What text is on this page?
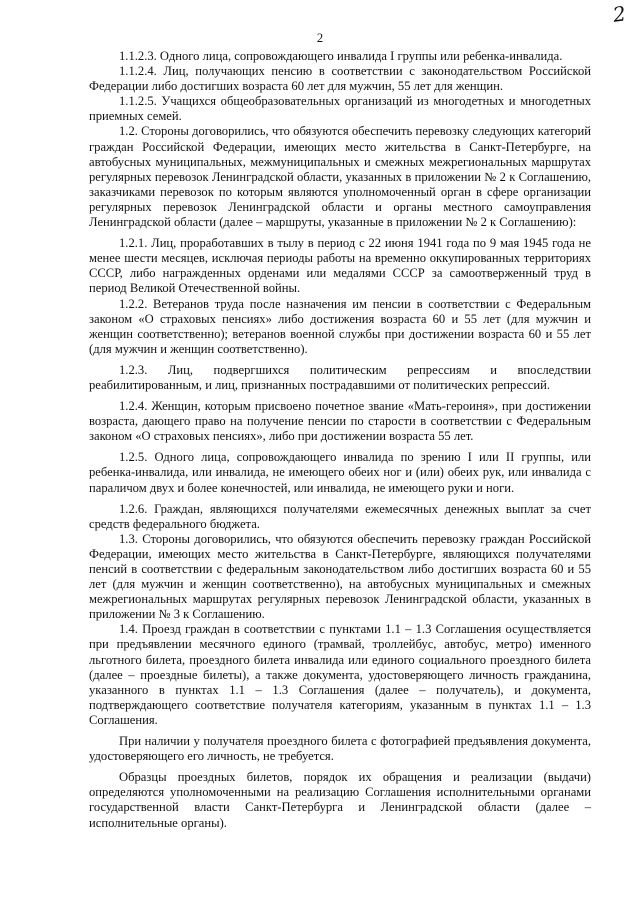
2
2

1.1.2.3. Одного лица, сопровождающего инвалида I группы или ребенка-инвалида.

1.1.2.4. Лиц, получающих пенсию в соответствии с законодательством Российской Федерации либо достигших возраста 60 лет для мужчин, 55 лет для женщин.

1.1.2.5. Учащихся общеобразовательных организаций из многодетных и многодетных приемных семей.

1.2. Стороны договорились, что обязуются обеспечить перевозку следующих категорий граждан Российской Федерации, имеющих место жительства в Санкт-Петербурге, на автобусных муниципальных, межмуниципальных и смежных межрегиональных маршрутах регулярных перевозок Ленинградской области, указанных в приложении № 2 к Соглашению, заказчиками перевозок по которым являются уполномоченный орган в сфере организации регулярных перевозок Ленинградской области и органы местного самоуправления Ленинградской области (далее – маршруты, указанные в приложении № 2 к Соглашению):

1.2.1. Лиц, проработавших в тылу в период с 22 июня 1941 года по 9 мая 1945 года не менее шести месяцев, исключая периоды работы на временно оккупированных территориях СССР, либо награжденных орденами или медалями СССР за самоотверженный труд в период Великой Отечественной войны.

1.2.2. Ветеранов труда после назначения им пенсии в соответствии с Федеральным законом «О страховых пенсиях» либо достижения возраста 60 и 55 лет (для мужчин и женщин соответственно); ветеранов военной службы при достижении возраста 60 и 55 лет (для мужчин и женщин соответственно).

1.2.3. Лиц, подвергшихся политическим репрессиям и впоследствии реабилитированным, и лиц, признанных пострадавшими от политических репрессий.

1.2.4. Женщин, которым присвоено почетное звание «Мать-героиня», при достижении возраста, дающего право на получение пенсии по старости в соответствии с Федеральным законом «О страховых пенсиях», либо при достижении возраста 55 лет.

1.2.5. Одного лица, сопровождающего инвалида по зрению I или II группы, или ребенка-инвалида, или инвалида, не имеющего обеих ног и (или) обеих рук, или инвалида с параличом двух и более конечностей, или инвалида, не имеющего руки и ноги.

1.2.6. Граждан, являющихся получателями ежемесячных денежных выплат за счет средств федерального бюджета.

1.3. Стороны договорились, что обязуются обеспечить перевозку граждан Российской Федерации, имеющих место жительства в Санкт-Петербурге, являющихся получателями пенсий в соответствии с федеральным законодательством либо достигших возраста 60 и 55 лет (для мужчин и женщин соответственно), на автобусных муниципальных и смежных межрегиональных маршрутах регулярных перевозок Ленинградской области, указанных в приложении № 3 к Соглашению.

1.4. Проезд граждан в соответствии с пунктами 1.1 – 1.3 Соглашения осуществляется при предъявлении месячного единого (трамвай, троллейбус, автобус, метро) именного льготного билета, проездного билета инвалида или единого социального проездного билета (далее – проездные билеты), а также документа, удостоверяющего личность гражданина, указанного в пунктах 1.1 – 1.3 Соглашения (далее – получатель), и документа, подтверждающего соответствие получателя категориям, указанным в пунктах 1.1 – 1.3 Соглашения.

При наличии у получателя проездного билета с фотографией предъявления документа, удостоверяющего его личность, не требуется.

Образцы проездных билетов, порядок их обращения и реализации (выдачи) определяются уполномоченными на реализацию Соглашения исполнительными органами государственной власти Санкт-Петербурга и Ленинградской области (далее – исполнительные органы).
